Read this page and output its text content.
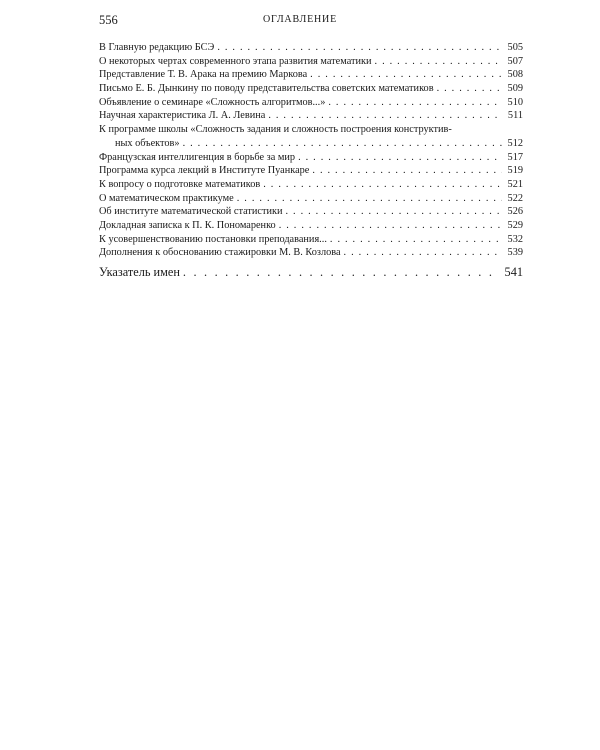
556	ОГЛАВЛЕНИЕ
В Главную редакцию БСЭ . . .	505
О некоторых чертах современного этапа развития математики . . .	507
Представление Т. В. Арака на премию Маркова . . .	508
Письмо Е. Б. Дынкину по поводу представительства советских математиков . . .	509
Объявление о семинаре «Сложность алгоритмов...» . . .	510
Научная характеристика Л. А. Левина . . .	511
К программе школы «Сложность задания и сложность построения конструктив-
ных объектов» . . .	512
Французская интеллигенция в борьбе за мир . . .	517
Программа курса лекций в Институте Пуанкаре . . .	519
К вопросу о подготовке математиков . . .	521
О математическом практикуме . . .	522
Об институте математической статистики . . .	526
Докладная записка к П. К. Пономаренко . . .	529
К усовершенствованию постановки преподавания... . . .	532
Дополнения к обоснованию стажировки М. В. Козлова . . .	539
Указатель имен . . .	541
